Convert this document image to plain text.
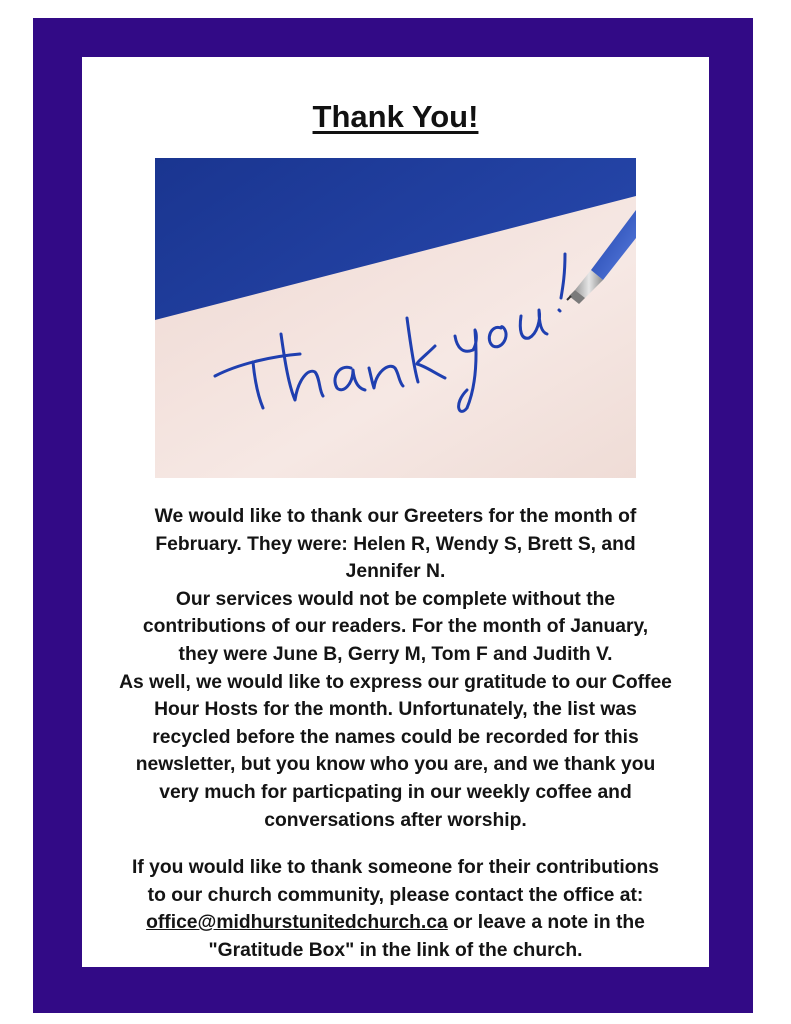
Thank You!

We would like to thank our Greeters for the month of

February. They were: Helen R, Wendy S, Brett S, and

Jennifer N.

Our services would not be complete without the

contributions of our readers. For the month of January,

they were June B, Gerry M, Tom F and Judith V.

As well, we would like to express our gratitude to our Coffee

Hour Hosts for the month. Unfortunately, the list was

recycled before the names could be recorded for this

newsletter, but you know who you are, and we thank you

very much for particpating in our weekly coffee and

conversations after worship.

If you would like to thank someone for their contributions

to our church community, please contact the office at:

office@midhurstunitedchurch.ca or leave a note in the

"Gratitude Box" in the link of the church.
